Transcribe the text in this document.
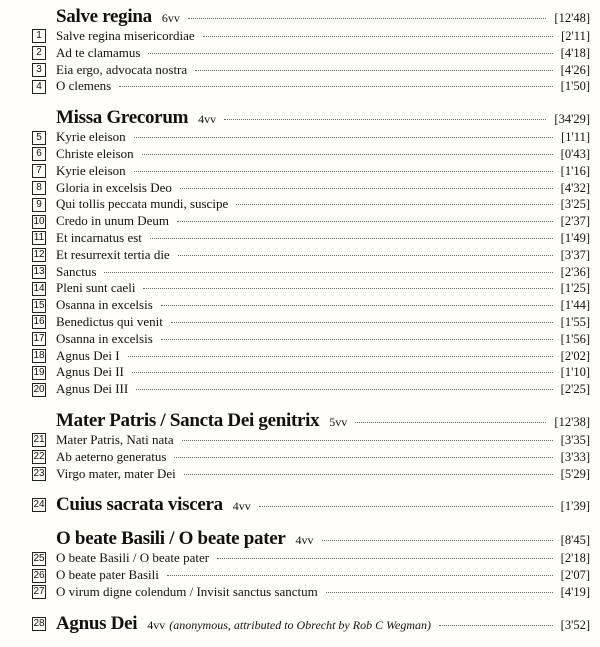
Salve regina 6vv	[12'48]
1	Salve regina misericordiae	[2'11]
2	Ad te clamamus	[4'18]
3	Eia ergo, advocata nostra	[4'26]
4	O clemens	[1'50]
Missa Grecorum 4vv	[34'29]
5	Kyrie eleison	[1'11]
6	Christe eleison	[0'43]
7	Kyrie eleison	[1'16]
8	Gloria in excelsis Deo	[4'32]
9	Qui tollis peccata mundi, suscipe	[3'25]
10 Credo in unum Deum	[2'37]
11 Et incarnatus est	[1'49]
12 Et resurrexit tertia die	[3'37]
13 Sanctus	[2'36]
14 Pleni sunt caeli	[1'25]
15 Osanna in excelsis	[1'44]
16 Benedictus qui venit	[1'55]
17 Osanna in excelsis	[1'56]
18 Agnus Dei I	[2'02]
19 Agnus Dei II	[1'10]
20 Agnus Dei III	[2'25]
Mater Patris / Sancta Dei genitrix 5vv	[12'38]
21 Mater Patris, Nati nata	[3'35]
22 Ab aeterno generatus	[3'33]
23 Virgo mater, mater Dei	[5'29]
24 Cuius sacrata viscera 4vv	[1'39]
O beate Basili / O beate pater 4vv	[8'45]
25 O beate Basili / O beate pater	[2'18]
26 O beate pater Basili	[2'07]
27 O virum digne colendum / Invisit sanctus sanctum	[4'19]
28 Agnus Dei 4vv (anonymous, attributed to Obrecht by Rob C Wegman)	[3'52]
